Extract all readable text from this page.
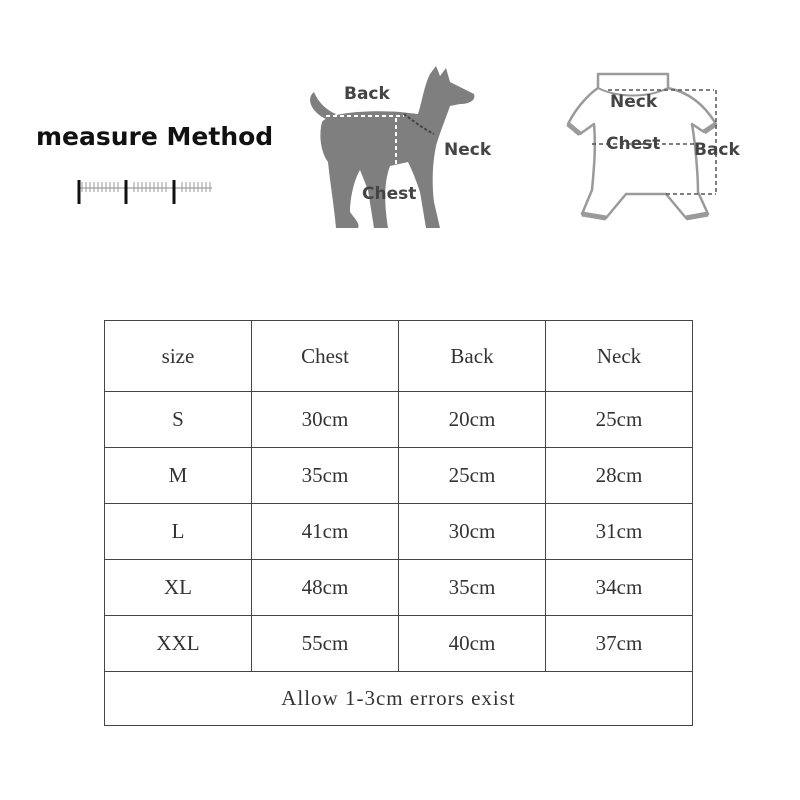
measure Method
Back
Neck
Chest
Neck
Chest Back
size	Chest	Back	Neck
S	30cm	20cm	25cm
M	35cm	25cm	28cm
L	41cm	30cm	31cm
XL	48cm	35cm	34cm
XXL	55cm	40cm	37cm
Allow 1-3cm errors exist			
